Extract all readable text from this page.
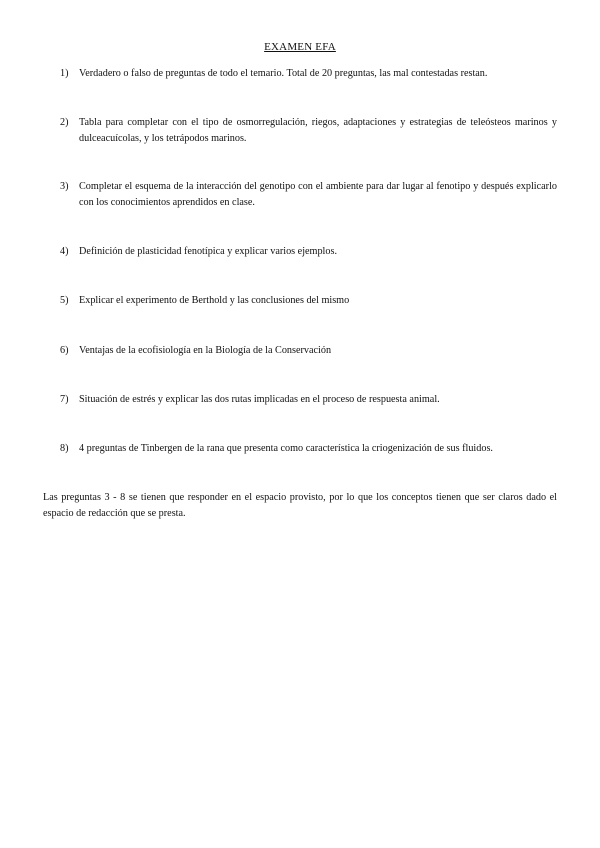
EXAMEN EFA
1)	Verdadero o falso de preguntas de todo el temario. Total de 20 preguntas, las mal contestadas restan.
2)	Tabla para completar con el tipo de osmorregulación, riegos, adaptaciones y estrategias de teleósteos marinos y dulceacuícolas, y los tetrápodos marinos.
3)	Completar el esquema de la interacción del genotipo con el ambiente para dar lugar al fenotipo y después explicarlo con los conocimientos aprendidos en clase.
4)	Definición de plasticidad fenotípica y explicar varios ejemplos.
5)	Explicar el experimento de Berthold y las conclusiones del mismo
6)	Ventajas de la ecofisiología en la Biología de la Conservación
7)	Situación de estrés y explicar las dos rutas implicadas en el proceso de respuesta animal.
8)	4 preguntas de Tinbergen de la rana que presenta como característica la criogenización de sus fluidos.
Las preguntas 3 - 8 se tienen que responder en el espacio provisto, por lo que los conceptos tienen que ser claros dado el espacio de redacción que se presta.
